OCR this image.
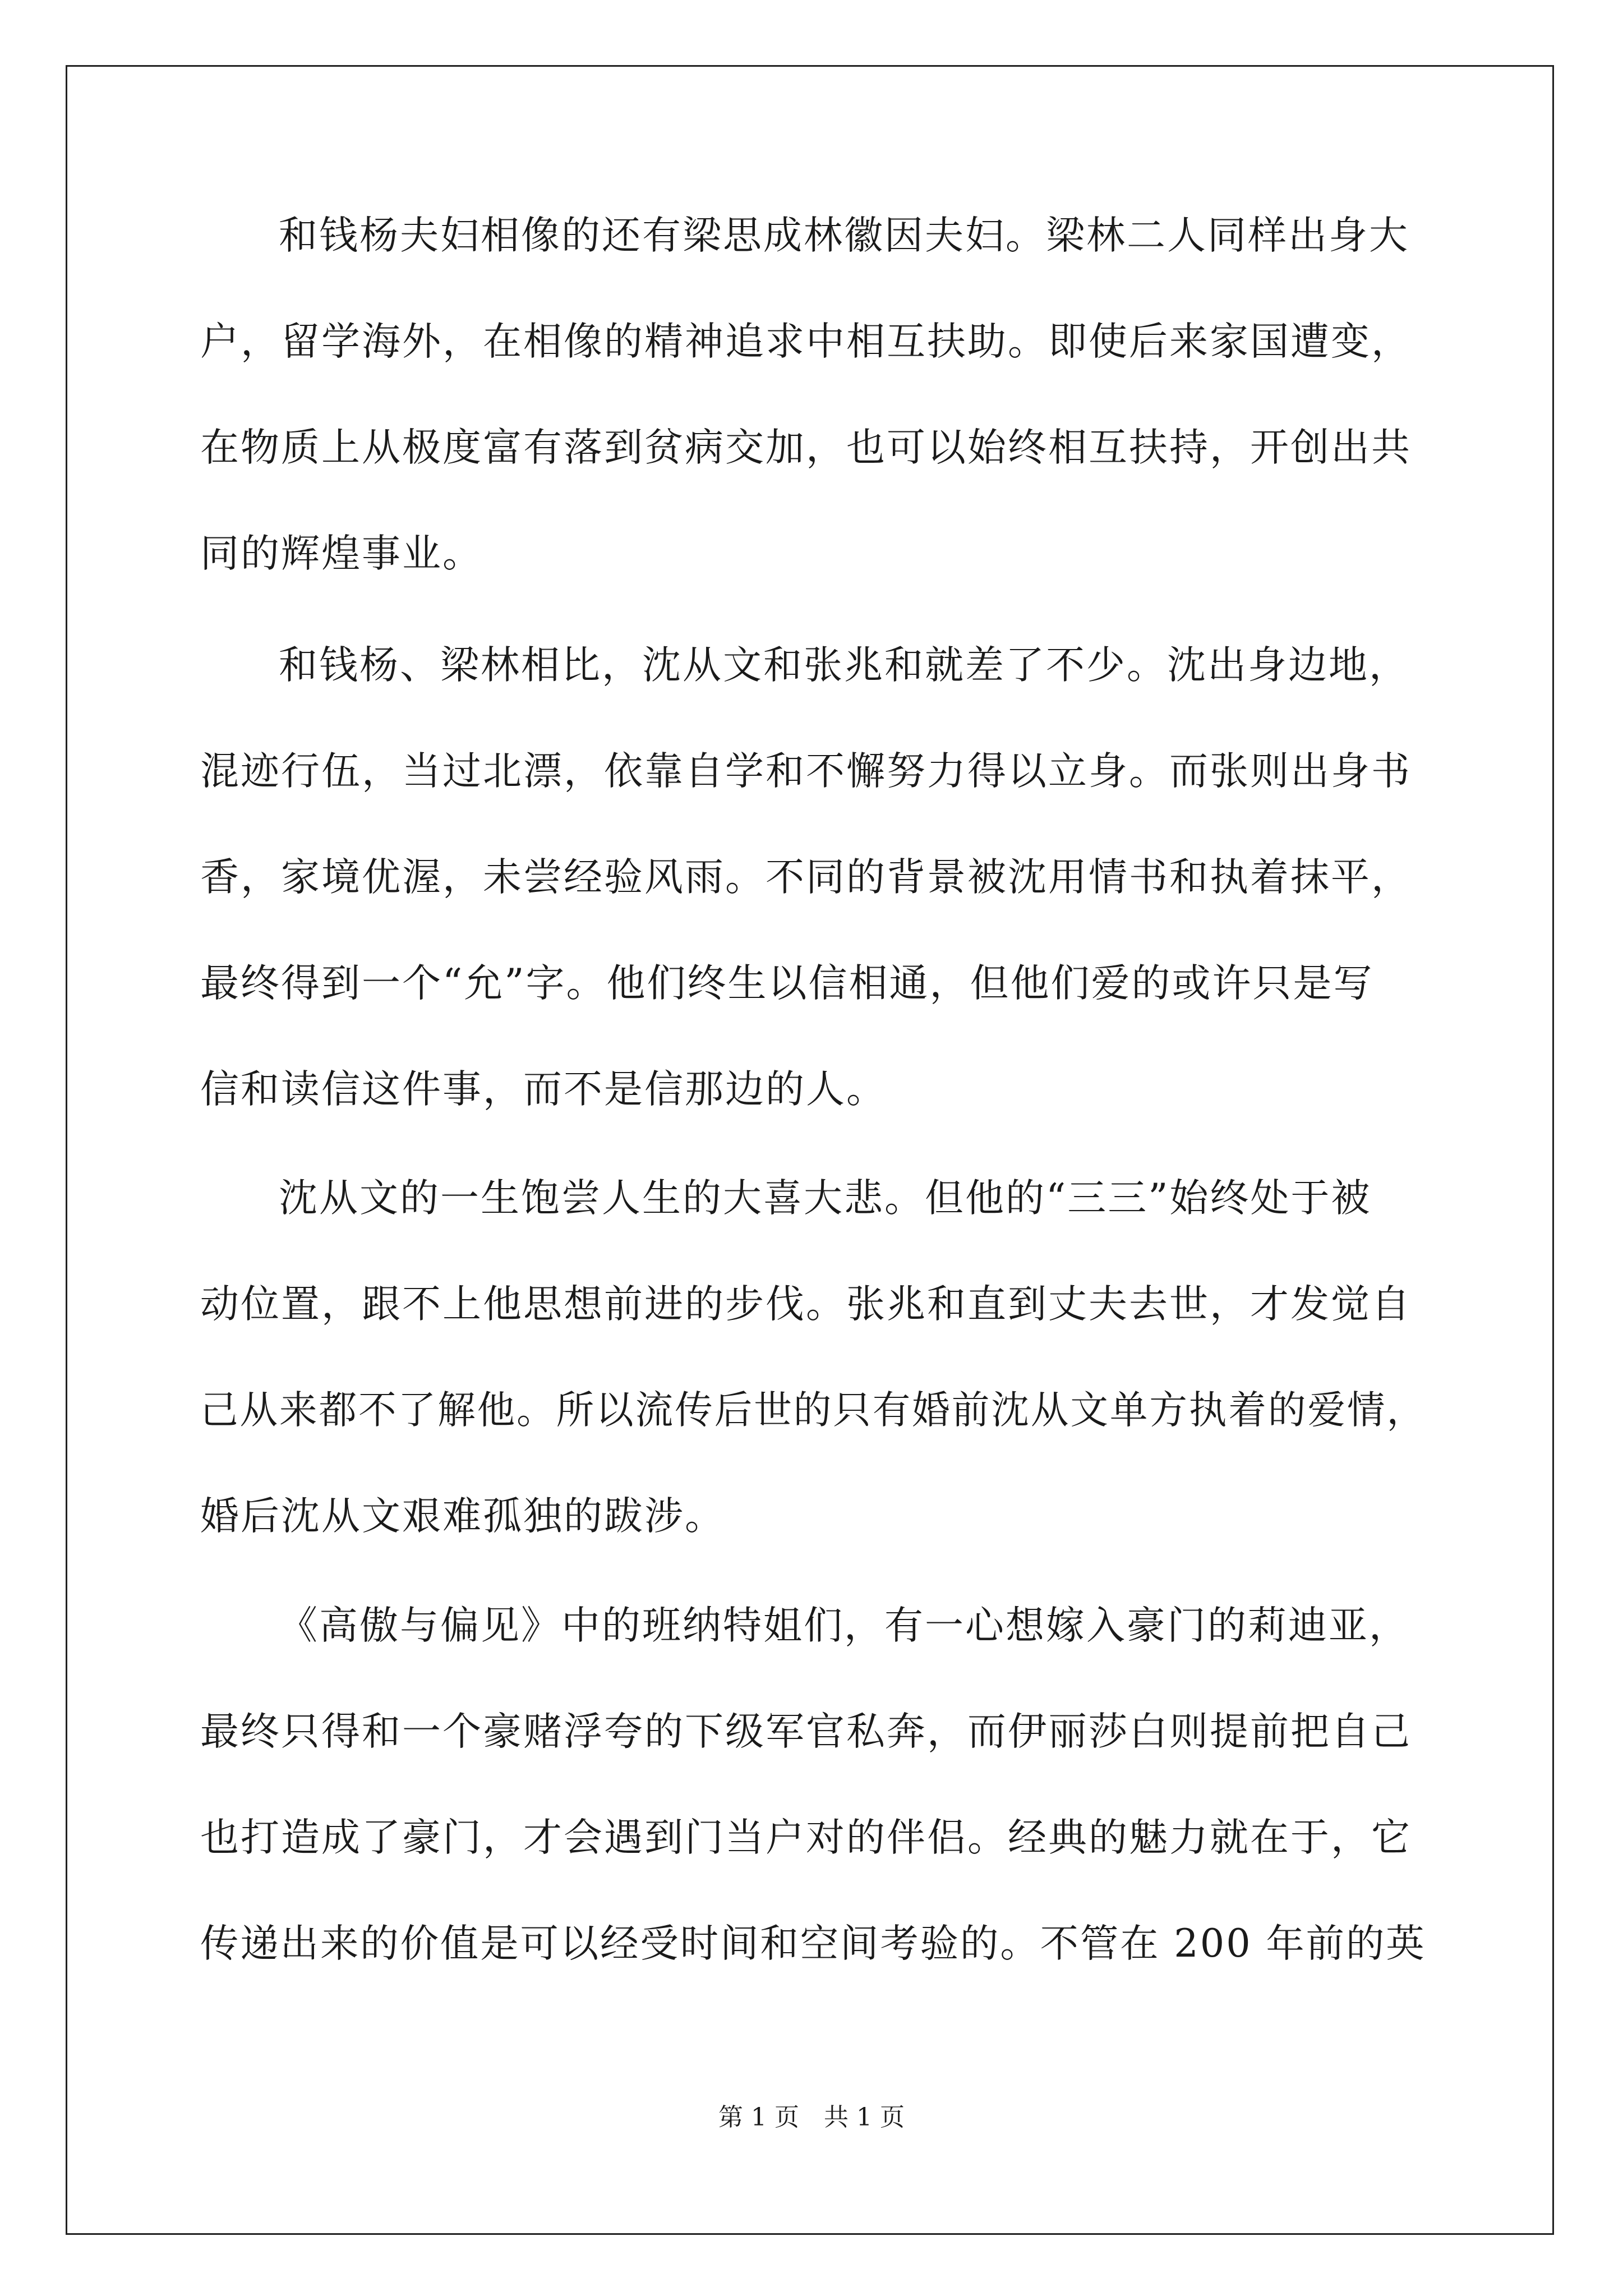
和钱杨夫妇相像的还有梁思成林徽因夫妇。梁林二人同样出身大
户，留学海外，在相像的精神追求中相互扶助。即使后来家国遭变，
在物质上从极度富有落到贫病交加，也可以始终相互扶持，开创出共
同的辉煌事业。
和钱杨、梁林相比，沈从文和张兆和就差了不少。沈出身边地，
混迹行伍，当过北漂，依靠自学和不懈努力得以立身。而张则出身书
香，家境优渥，未尝经验风雨。不同的背景被沈用情书和执着抹平，
最终得到一个“允”字。他们终生以信相通，但他们爱的或许只是写
信和读信这件事，而不是信那边的人。
沈从文的一生饱尝人生的大喜大悲。但他的“三三”始终处于被
动位置，跟不上他思想前进的步伐。张兆和直到丈夫去世，才发觉自
己从来都不了解他。所以流传后世的只有婚前沈从文单方执着的爱情，
婚后沈从文艰难孤独的跋涉。
《高傲与偏见》中的班纳特姐们，有一心想嫁入豪门的莉迪亚，
最终只得和一个豪赌浮夸的下级军官私奔，而伊丽莎白则提前把自己
也打造成了豪门，才会遇到门当户对的伴侣。经典的魅力就在于，它
传递出来的价值是可以经受时间和空间考验的。不管在 200 年前的英
第 1 页　共 1 页
